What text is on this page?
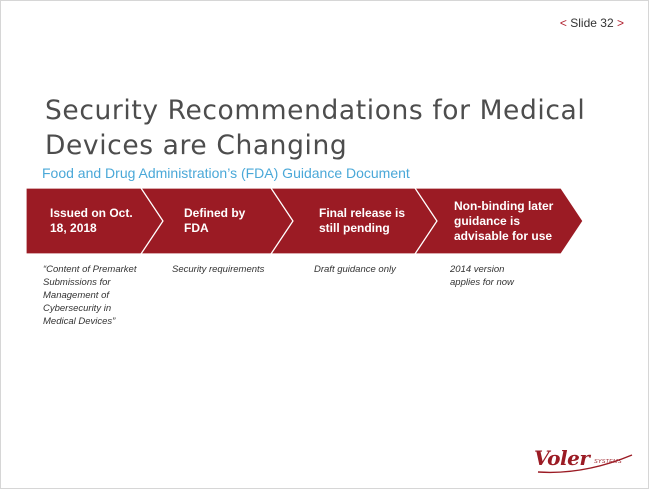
< Slide 32 >
Security Recommendations for Medical Devices are Changing
Food and Drug Administration’s (FDA) Guidance Document
Issued on Oct.
18, 2018
Defined by
FDA
Final release is
still pending
Non-binding later
guidance is
advisable for use
“Content of Premarket
Submissions for
Management of
Cybersecurity in
Medical Devices”
Security requirements	Draft guidance only	2014 version
applies for now
Voler SYSTEMS
